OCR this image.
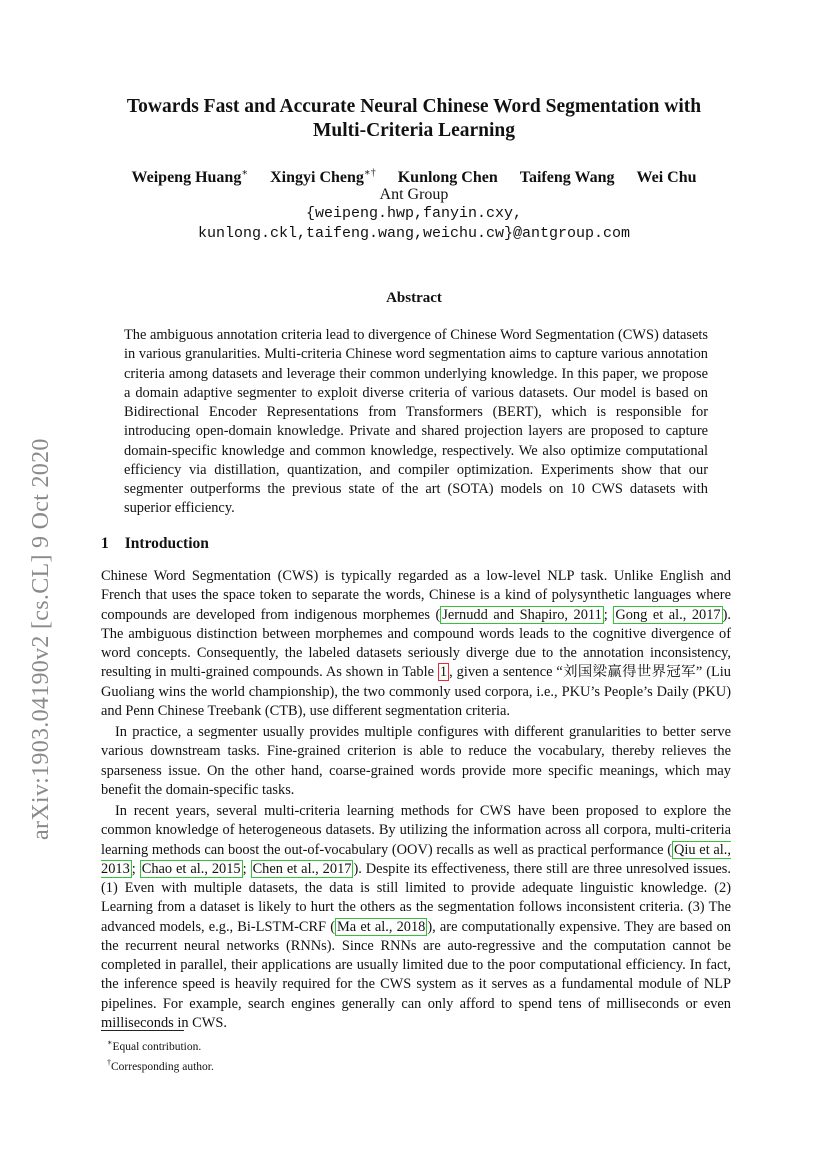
arXiv:1903.04190v2 [cs.CL] 9 Oct 2020
Towards Fast and Accurate Neural Chinese Word Segmentation with
Multi-Criteria Learning
Weipeng Huang∗ Xingyi Cheng∗† Kunlong Chen Taifeng Wang Wei Chu
Ant Group
{weipeng.hwp,fanyin.cxy,
kunlong.ckl,taifeng.wang,weichu.cw}@antgroup.com
Abstract
The ambiguous annotation criteria lead to divergence of Chinese Word Segmentation (CWS) datasets in various granularities. Multi-criteria Chinese word segmentation aims to capture various annotation criteria among datasets and leverage their common underlying knowledge. In this paper, we propose a domain adaptive segmenter to exploit diverse criteria of various datasets. Our model is based on Bidirectional Encoder Representations from Transformers (BERT), which is responsible for introducing open-domain knowledge. Private and shared projection layers are proposed to capture domain-specific knowledge and common knowledge, respectively. We also optimize computational efficiency via distillation, quantization, and compiler optimization. Experiments show that our segmenter outperforms the previous state of the art (SOTA) models on 10 CWS datasets with superior efficiency.
1 Introduction

Chinese Word Segmentation (CWS) is typically regarded as a low-level NLP task. Unlike English and French that uses the space token to separate the words, Chinese is a kind of polysynthetic languages where compounds are developed from indigenous morphemes ( Jernudd and Shapiro, 2011 ; Gong et al., 2017 ). The ambiguous distinction between morphemes and compound words leads to the cognitive divergence of word concepts. Consequently, the labeled datasets seriously diverge due to the annotation inconsistency, resulting in multi-grained compounds. As shown in Table 1 , given a sentence “刘国梁赢得世界冠军” (Liu Guoliang wins the world championship), the two commonly used corpora, i.e., PKU’s People’s Daily (PKU) and Penn Chinese Treebank (CTB), use different segmentation criteria.

In practice, a segmenter usually provides multiple configures with different granularities to better serve various downstream tasks. Fine-grained criterion is able to reduce the vocabulary, thereby relieves the sparseness issue. On the other hand, coarse-grained words provide more specific meanings, which may benefit the domain-specific tasks.

In recent years, several multi-criteria learning methods for CWS have been proposed to explore the common knowledge of heterogeneous datasets. By utilizing the information across all corpora, multi-criteria learning methods can boost the out-of-vocabulary (OOV) recalls as well as practical performance ( Qiu et al., 2013 ; Chao et al., 2015 ; Chen et al., 2017 ). Despite its effectiveness, there still are three unresolved issues. (1) Even with multiple datasets, the data is still limited to provide adequate linguistic knowledge. (2) Learning from a dataset is likely to hurt the others as the segmentation follows inconsistent criteria. (3) The advanced models, e.g., Bi-LSTM-CRF ( Ma et al., 2018 ), are computationally expensive. They are based on the recurrent neural networks (RNNs). Since RNNs are auto-regressive and the computation cannot be completed in parallel, their applications are usually limited due to the poor computational efficiency. In fact, the inference speed is heavily required for the CWS system as it serves as a fundamental module of NLP pipelines. For example, search engines generally can only afford to spend tens of milliseconds or even milliseconds in CWS.

∗Equal contribution.
†Corresponding author.
